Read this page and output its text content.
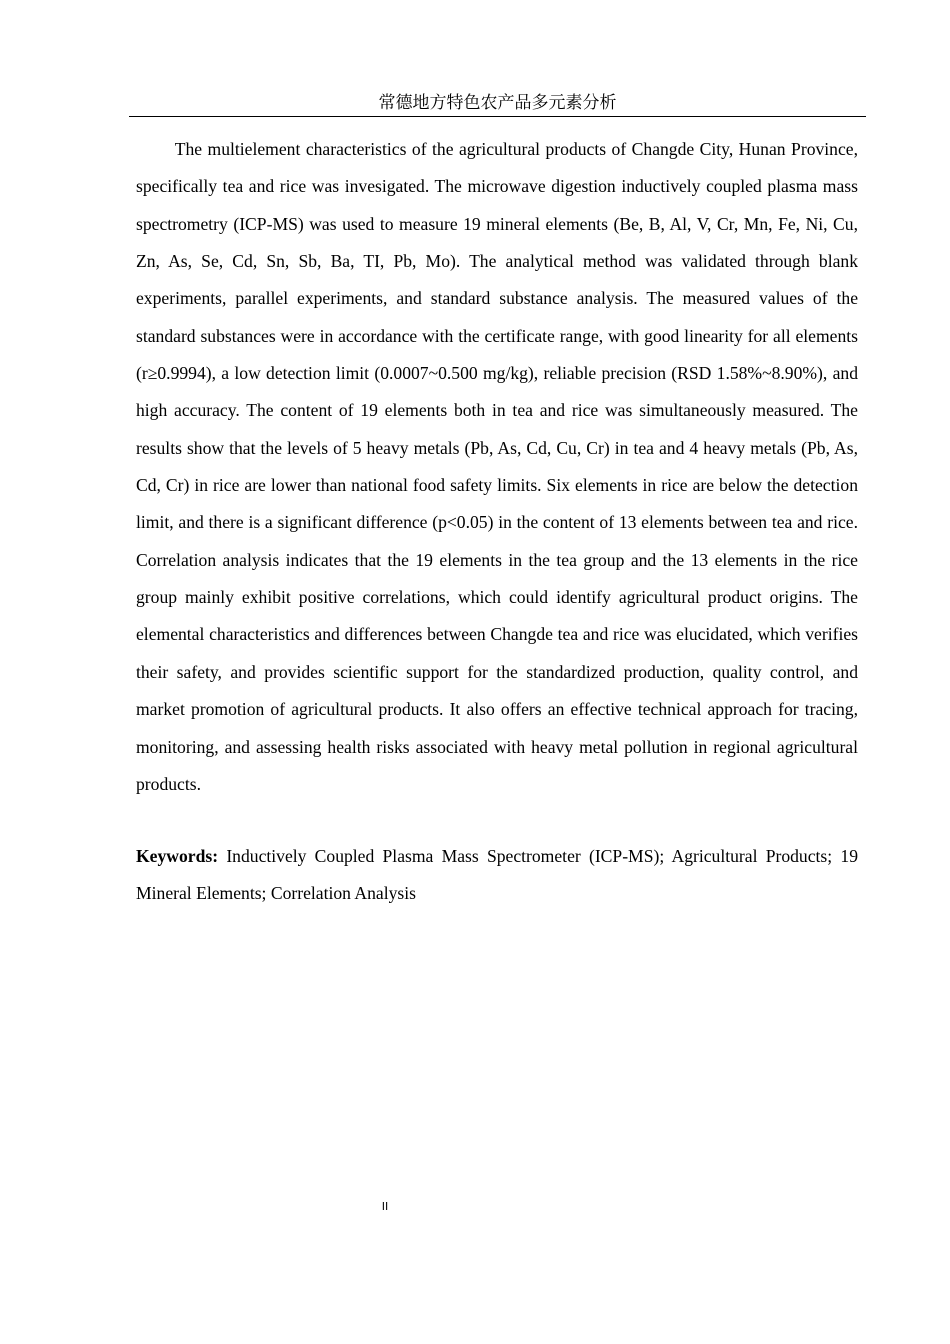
常德地方特色农产品多元素分析

The multielement characteristics of the agricultural products of Changde City, Hunan Province, specifically tea and rice was invesigated. The microwave digestion inductively coupled plasma mass spectrometry (ICP-MS) was used to measure 19 mineral elements (Be, B, Al, V, Cr, Mn, Fe, Ni, Cu, Zn, As, Se, Cd, Sn, Sb, Ba, TI, Pb, Mo). The analytical method was validated through blank experiments, parallel experiments, and standard substance analysis. The measured values of the standard substances were in accordance with the certificate range, with good linearity for all elements (r≥0.9994), a low detection limit (0.0007~0.500 mg/kg), reliable precision (RSD 1.58%~8.90%), and high accuracy. The content of 19 elements both in tea and rice was simultaneously measured. The results show that the levels of 5 heavy metals (Pb, As, Cd, Cu, Cr) in tea and 4 heavy metals (Pb, As, Cd, Cr) in rice are lower than national food safety limits. Six elements in rice are below the detection limit, and there is a significant difference (p<0.05) in the content of 13 elements between tea and rice. Correlation analysis indicates that the 19 elements in the tea group and the 13 elements in the rice group mainly exhibit positive correlations, which could identify agricultural product origins. The elemental characteristics and differences between Changde tea and rice was elucidated, which verifies their safety, and provides scientific support for the standardized production, quality control, and market promotion of agricultural products. It also offers an effective technical approach for tracing, monitoring, and assessing health risks associated with heavy metal pollution in regional agricultural products.

Keywords: Inductively Coupled Plasma Mass Spectrometer (ICP-MS); Agricultural Products; 19 Mineral Elements; Correlation Analysis

II
